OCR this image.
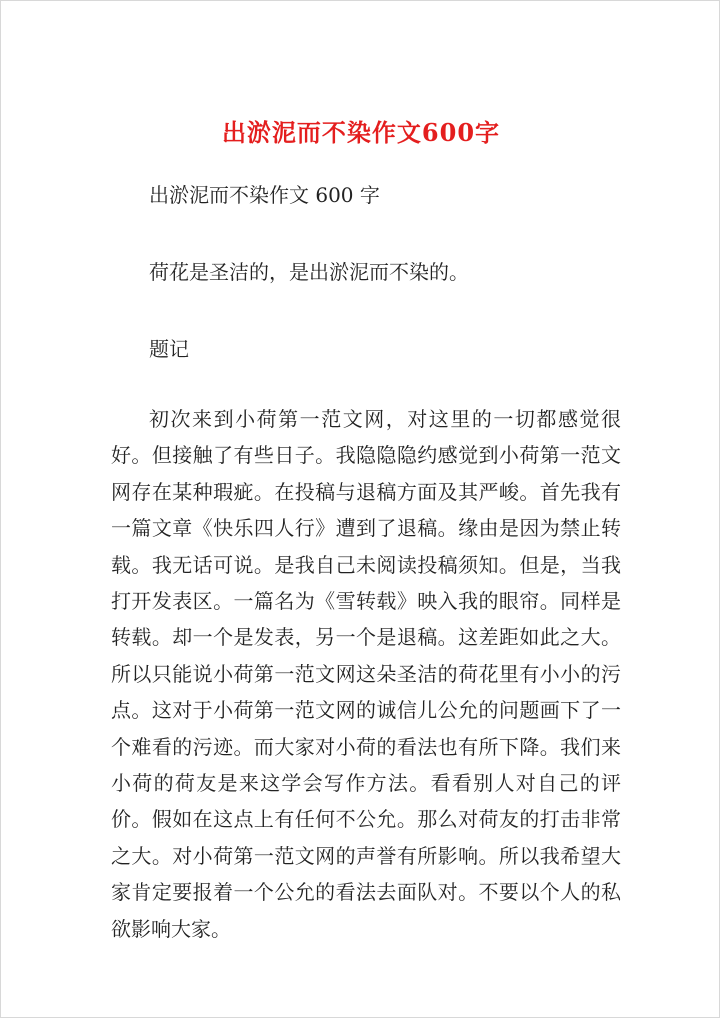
出淤泥而不染作文600字

出淤泥而不染作文 600 字

荷花是圣洁的，是出淤泥而不染的。

题记

初次来到小荷第一范文网，对这里的一切都感觉很好。但接触了有些日子。我隐隐隐约感觉到小荷第一范文网存在某种瑕疵。在投稿与退稿方面及其严峻。首先我有一篇文章《快乐四人行》遭到了退稿。缘由是因为禁止转载。我无话可说。是我自己未阅读投稿须知。但是，当我打开发表区。一篇名为《雪转载》映入我的眼帘。同样是转载。却一个是发表，另一个是退稿。这差距如此之大。所以只能说小荷第一范文网这朵圣洁的荷花里有小小的污点。这对于小荷第一范文网的诚信儿公允的问题画下了一个难看的污迹。而大家对小荷的看法也有所下降。我们来小荷的荷友是来这学会写作方法。看看别人对自己的评价。假如在这点上有任何不公允。那么对荷友的打击非常之大。对小荷第一范文网的声誉有所影响。所以我希望大家肯定要报着一个公允的看法去面队对。不要以个人的私欲影响大家。
